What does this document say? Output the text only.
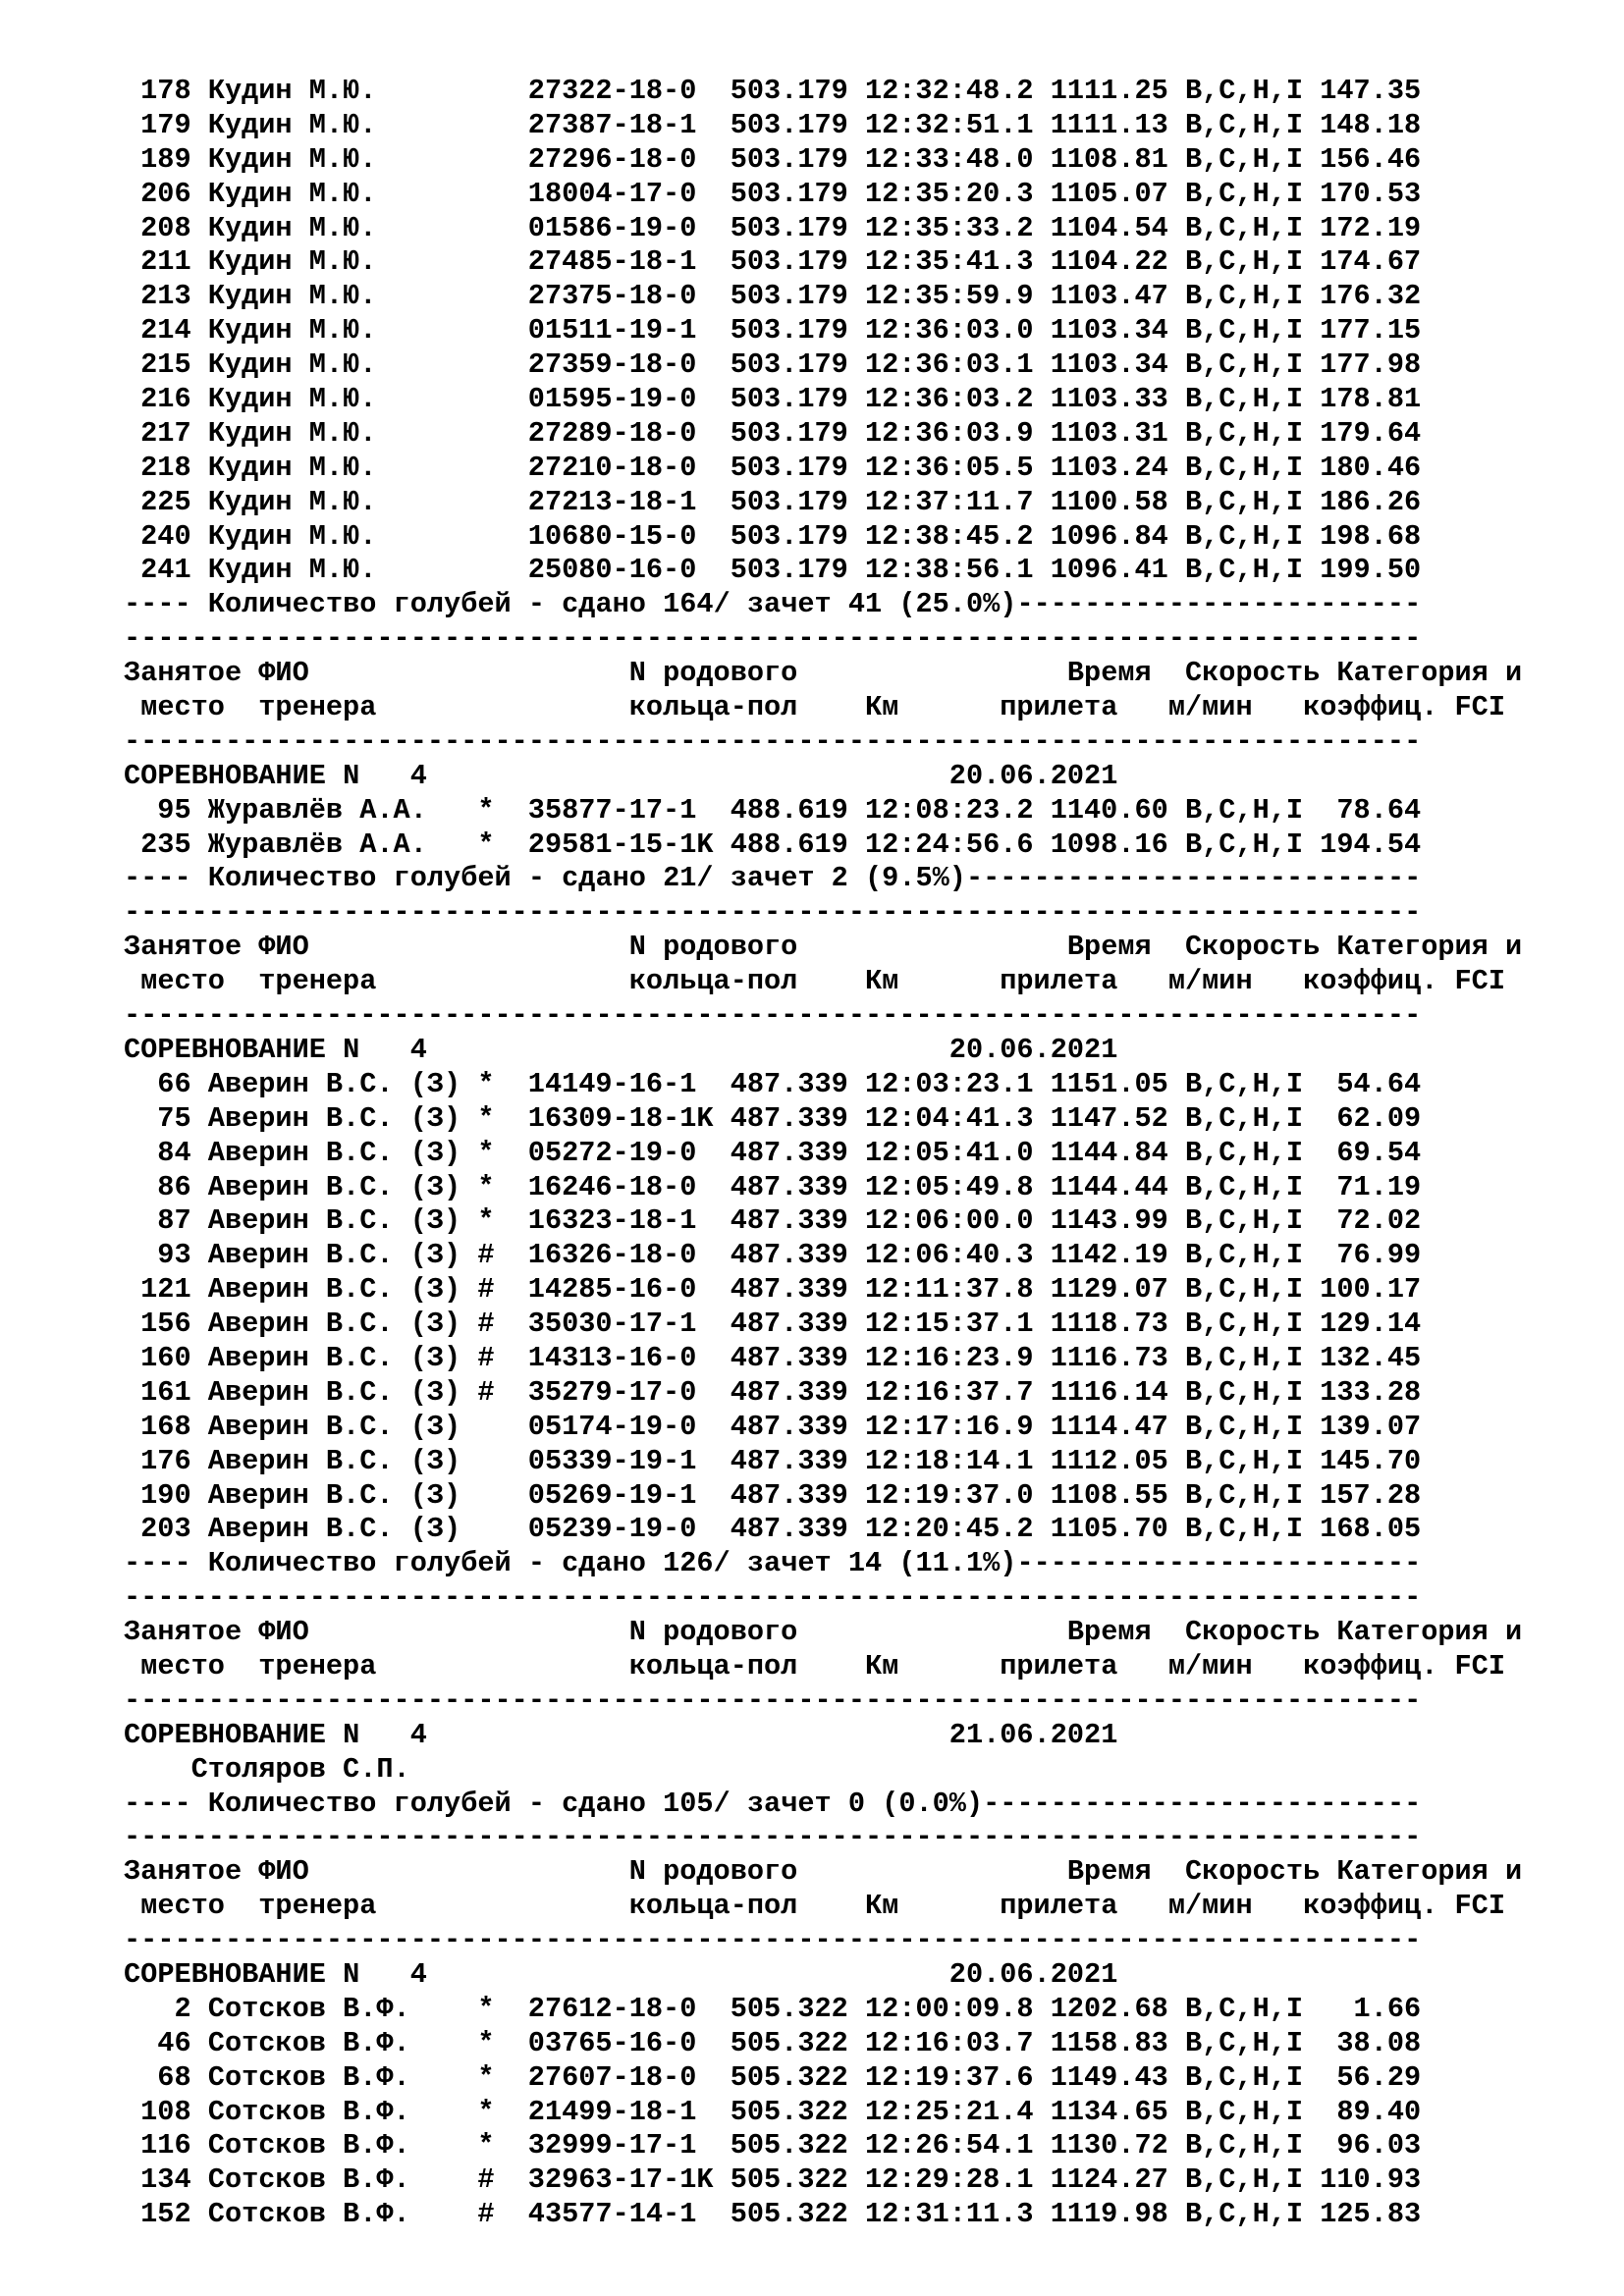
178 Кудин М.Ю.	27322-18-0 503.179 12:32:48.2 1111.25 B,C,H,I 147.35
179 Кудин М.Ю.	27387-18-1 503.179 12:32:51.1 1111.13 B,C,H,I 148.18
189 Кудин М.Ю.	27296-18-0 503.179 12:33:48.0 1108.81 B,C,H,I 156.46
206 Кудин М.Ю.	18004-17-0 503.179 12:35:20.3 1105.07 B,C,H,I 170.53
208 Кудин М.Ю.	01586-19-0 503.179 12:35:33.2 1104.54 B,C,H,I 172.19
211 Кудин М.Ю.	27485-18-1 503.179 12:35:41.3 1104.22 B,C,H,I 174.67
213 Кудин М.Ю.	27375-18-0 503.179 12:35:59.9 1103.47 B,C,H,I 176.32
214 Кудин М.Ю.	01511-19-1 503.179 12:36:03.0 1103.34 B,C,H,I 177.15
215 Кудин М.Ю.	27359-18-0 503.179 12:36:03.1 1103.34 B,C,H,I 177.98
216 Кудин М.Ю.	01595-19-0 503.179 12:36:03.2 1103.33 B,C,H,I 178.81
217 Кудин М.Ю.	27289-18-0 503.179 12:36:03.9 1103.31 B,C,H,I 179.64
218 Кудин М.Ю.	27210-18-0 503.179 12:36:05.5 1103.24 B,C,H,I 180.46
225 Кудин М.Ю.	27213-18-1 503.179 12:37:11.7 1100.58 B,C,H,I 186.26
240 Кудин М.Ю.	10680-15-0 503.179 12:38:45.2 1096.84 B,C,H,I 198.68
241 Кудин М.Ю.	25080-16-0 503.179 12:38:56.1 1096.41 B,C,H,I 199.50
---- Количество голубей - сдано 164/ зачет 41 (25.0%)------------------------
-----------------------------------------------------------------------------
Занятое ФИО	N родового	Время Скорость Категория и
место тренера	кольца-пол Км	прилета м/мин коэффиц. FCI
-----------------------------------------------------------------------------
СОРЕВНОВАНИЕ N   4	20.06.2021
95 Журавлёв А.А. * 35877-17-1 488.619 12:08:23.2 1140.60 B,C,H,I 78.64
235 Журавлёв А.А. * 29581-15-1K 488.619 12:24:56.6 1098.16 B,C,H,I 194.54
---- Количество голубей - сдано 21/ зачет 2 (9.5%)---------------------------
-----------------------------------------------------------------------------
Занятое ФИО	N родового	Время Скорость Категория и
место тренера	кольца-пол Км	прилета м/мин коэффиц. FCI
-----------------------------------------------------------------------------
СОРЕВНОВАНИЕ N   4	20.06.2021
66 Аверин В.С. (З) * 14149-16-1 487.339 12:03:23.1 1151.05 B,C,H,I 54.64
75 Аверин В.С. (З) * 16309-18-1K 487.339 12:04:41.3 1147.52 B,C,H,I 62.09
84 Аверин В.С. (З) * 05272-19-0 487.339 12:05:41.0 1144.84 B,C,H,I 69.54
86 Аверин В.С. (З) * 16246-18-0 487.339 12:05:49.8 1144.44 B,C,H,I 71.19
87 Аверин В.С. (З) * 16323-18-1 487.339 12:06:00.0 1143.99 B,C,H,I 72.02
93 Аверин В.С. (З) # 16326-18-0 487.339 12:06:40.3 1142.19 B,C,H,I 76.99
121 Аверин В.С. (З) # 14285-16-0 487.339 12:11:37.8 1129.07 B,C,H,I 100.17
156 Аверин В.С. (З) # 35030-17-1 487.339 12:15:37.1 1118.73 B,C,H,I 129.14
160 Аверин В.С. (З) # 14313-16-0 487.339 12:16:23.9 1116.73 B,C,H,I 132.45
161 Аверин В.С. (З) # 35279-17-0 487.339 12:16:37.7 1116.14 B,C,H,I 133.28
168 Аверин В.С. (З) 05174-19-0 487.339 12:17:16.9 1114.47 B,C,H,I 139.07
176 Аверин В.С. (З) 05339-19-1 487.339 12:18:14.1 1112.05 B,C,H,I 145.70
190 Аверин В.С. (З) 05269-19-1 487.339 12:19:37.0 1108.55 B,C,H,I 157.28
203 Аверин В.С. (З) 05239-19-0 487.339 12:20:45.2 1105.70 B,C,H,I 168.05
---- Количество голубей - сдано 126/ зачет 14 (11.1%)------------------------
-----------------------------------------------------------------------------
Занятое ФИО	N родового	Время Скорость Категория и
место тренера	кольца-пол Км	прилета м/мин коэффиц. FCI
-----------------------------------------------------------------------------
СОРЕВНОВАНИЕ N   4	21.06.2021
Столяров С.П.
---- Количество голубей - сдано 105/ зачет 0 (0.0%)--------------------------
-----------------------------------------------------------------------------
Занятое ФИО	N родового	Время Скорость Категория и
место тренера	кольца-пол Км	прилета м/мин коэффиц. FCI
-----------------------------------------------------------------------------
СОРЕВНОВАНИЕ N   4	20.06.2021
2 Сотсков В.Ф. * 27612-18-0 505.322 12:00:09.8 1202.68 B,C,H,I 1.66
46 Сотсков В.Ф. * 03765-16-0 505.322 12:16:03.7 1158.83 B,C,H,I 38.08
68 Сотсков В.Ф. * 27607-18-0 505.322 12:19:37.6 1149.43 B,C,H,I 56.29
108 Сотсков В.Ф. * 21499-18-1 505.322 12:25:21.4 1134.65 B,C,H,I 89.40
116 Сотсков В.Ф. * 32999-17-1 505.322 12:26:54.1 1130.72 B,C,H,I 96.03
134 Сотсков В.Ф. # 32963-17-1K 505.322 12:29:28.1 1124.27 B,C,H,I 110.93
152 Сотсков В.Ф. # 43577-14-1 505.322 12:31:11.3 1119.98 B,C,H,I 125.83
